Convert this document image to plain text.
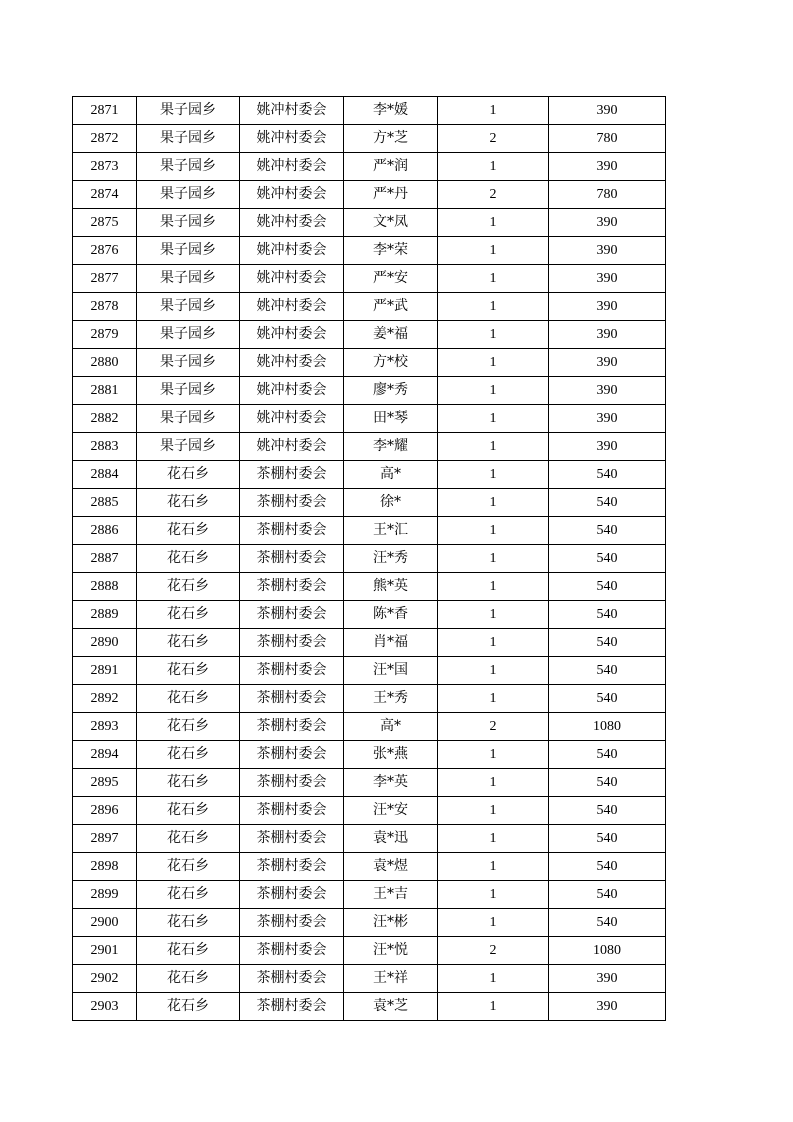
2871	果子园乡	姚冲村委会	李*媛	1	390
2872	果子园乡	姚冲村委会	方*芝	2	780
2873	果子园乡	姚冲村委会	严*润	1	390
2874	果子园乡	姚冲村委会	严*丹	2	780
2875	果子园乡	姚冲村委会	文*凤	1	390
2876	果子园乡	姚冲村委会	李*荣	1	390
2877	果子园乡	姚冲村委会	严*安	1	390
2878	果子园乡	姚冲村委会	严*武	1	390
2879	果子园乡	姚冲村委会	姜*福	1	390
2880	果子园乡	姚冲村委会	方*校	1	390
2881	果子园乡	姚冲村委会	廖*秀	1	390
2882	果子园乡	姚冲村委会	田*琴	1	390
2883	果子园乡	姚冲村委会	李*耀	1	390
2884	花石乡	茶棚村委会	高*	1	540
2885	花石乡	茶棚村委会	徐*	1	540
2886	花石乡	茶棚村委会	王*汇	1	540
2887	花石乡	茶棚村委会	汪*秀	1	540
2888	花石乡	茶棚村委会	熊*英	1	540
2889	花石乡	茶棚村委会	陈*香	1	540
2890	花石乡	茶棚村委会	肖*福	1	540
2891	花石乡	茶棚村委会	汪*国	1	540
2892	花石乡	茶棚村委会	王*秀	1	540
2893	花石乡	茶棚村委会	高*	2	1080
2894	花石乡	茶棚村委会	张*燕	1	540
2895	花石乡	茶棚村委会	李*英	1	540
2896	花石乡	茶棚村委会	汪*安	1	540
2897	花石乡	茶棚村委会	袁*迅	1	540
2898	花石乡	茶棚村委会	袁*煜	1	540
2899	花石乡	茶棚村委会	王*吉	1	540
2900	花石乡	茶棚村委会	汪*彬	1	540
2901	花石乡	茶棚村委会	汪*悦	2	1080
2902	花石乡	茶棚村委会	王*祥	1	390
2903	花石乡	茶棚村委会	袁*芝	1	390
